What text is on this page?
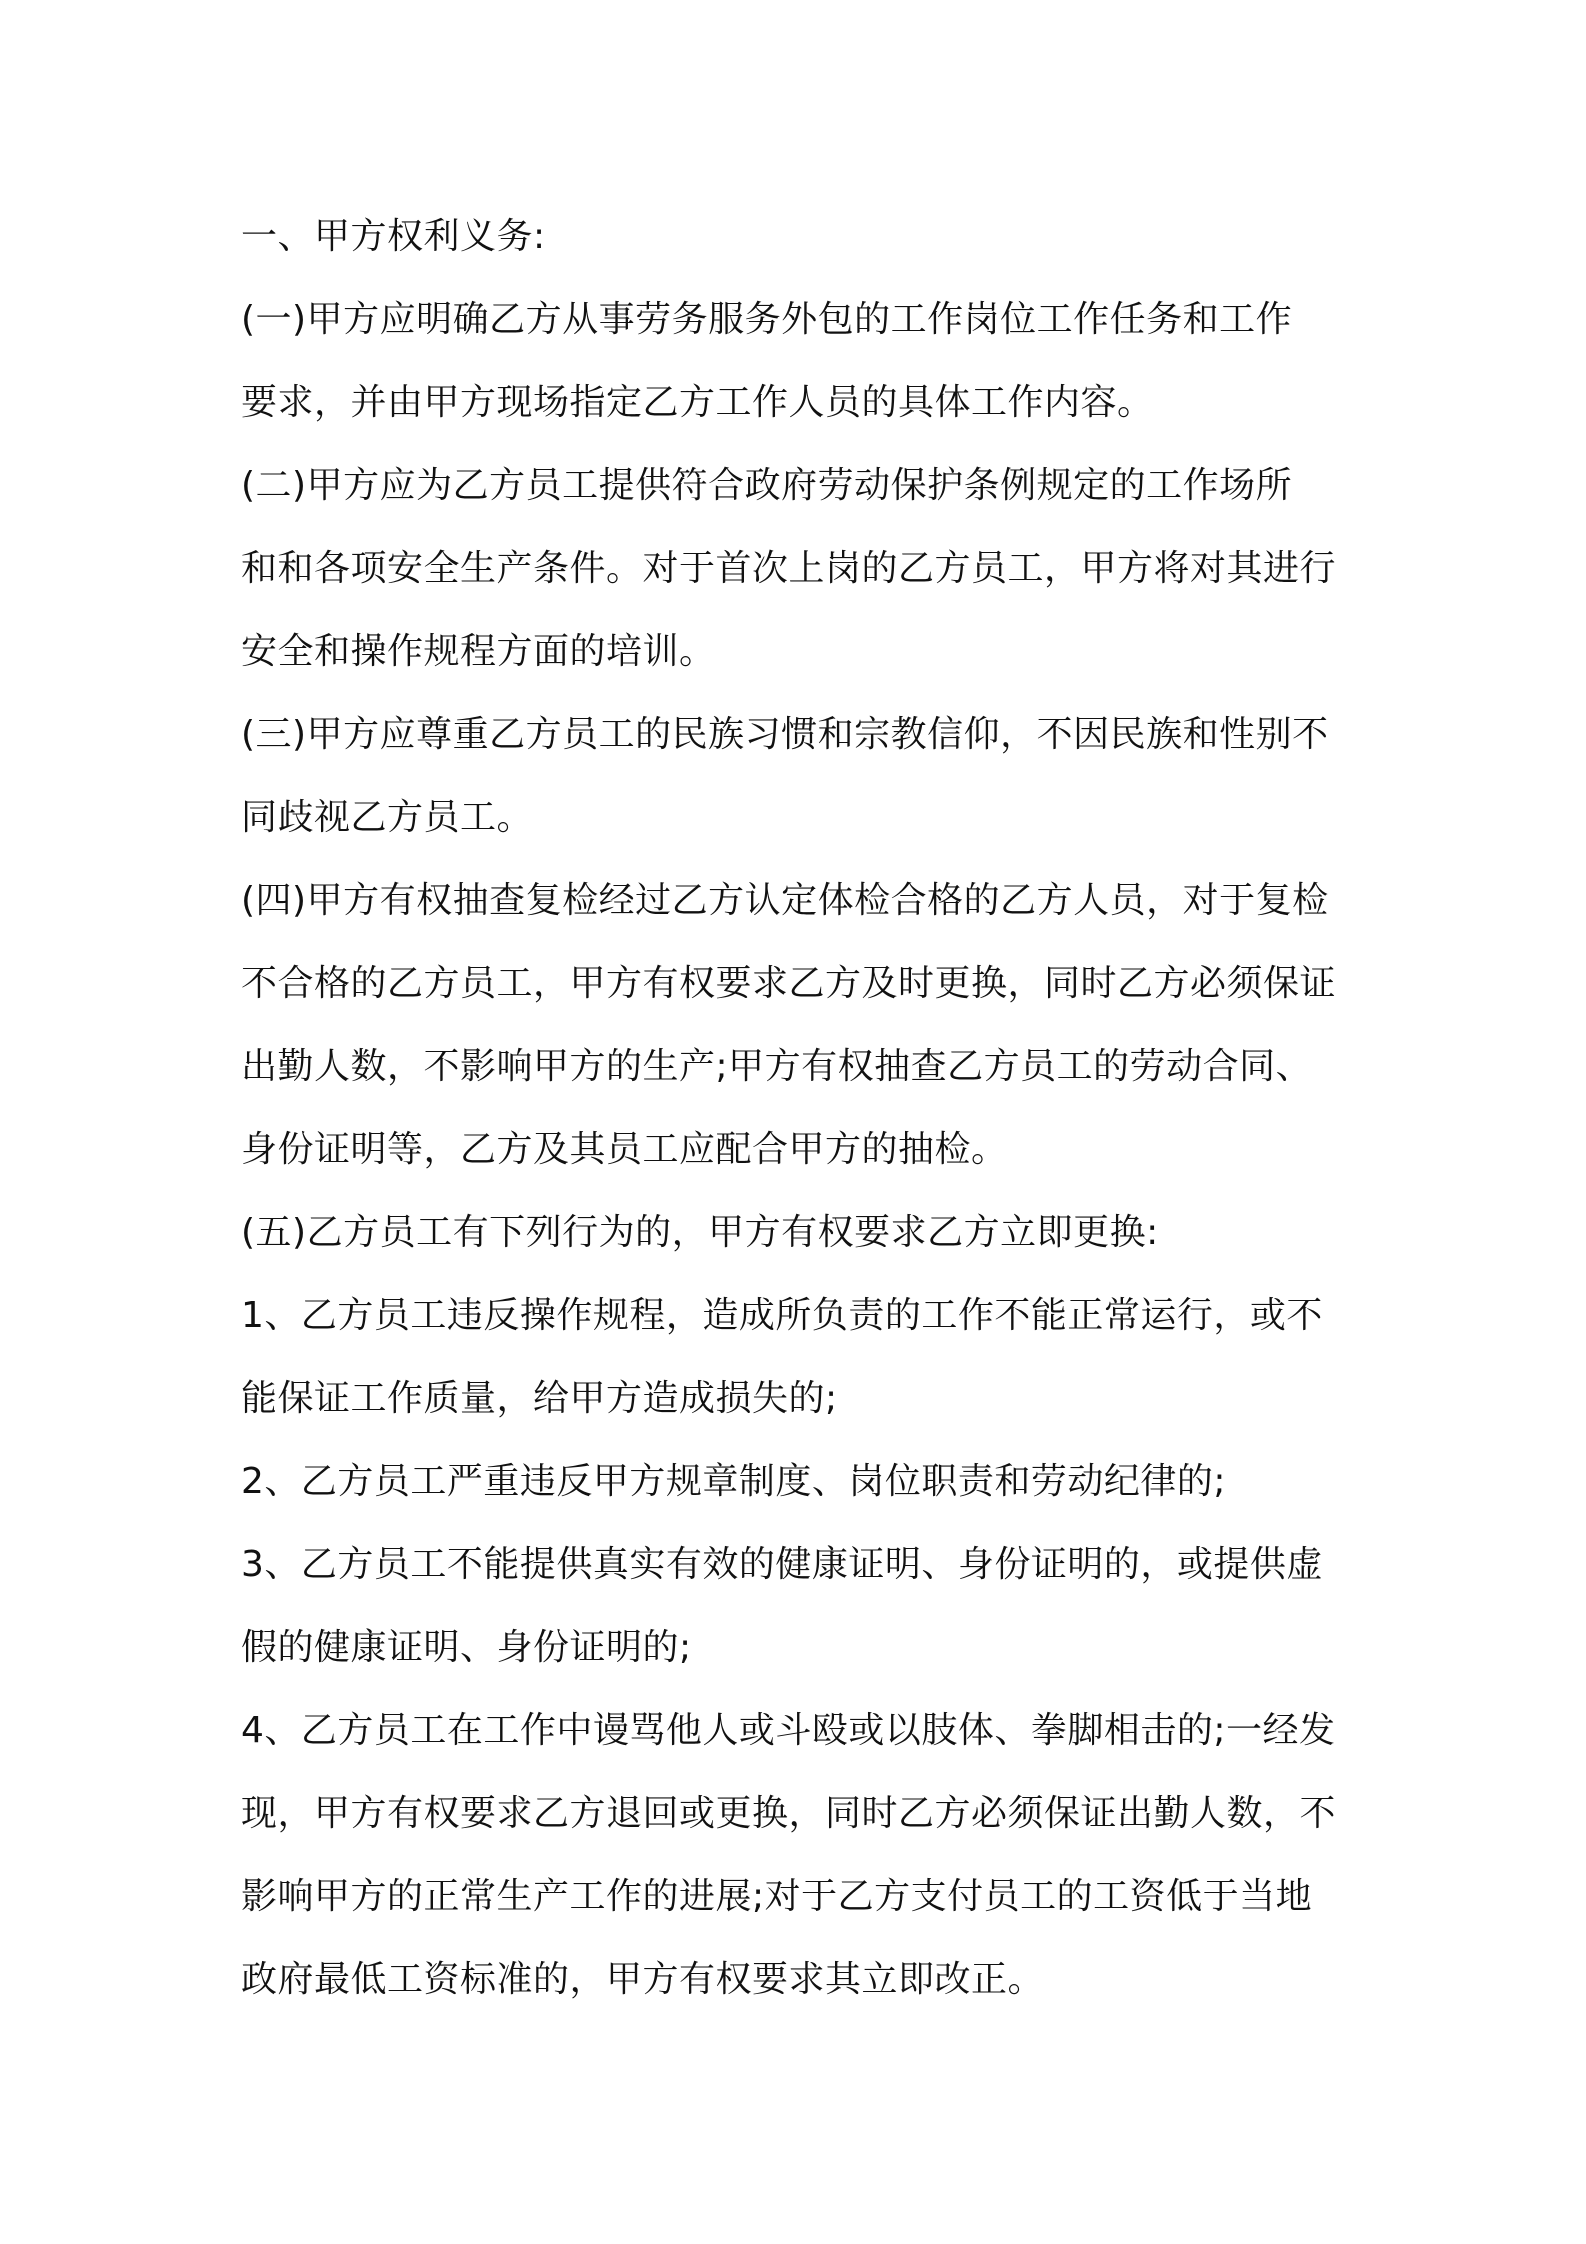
一、甲方权利义务:
(一)甲方应明确乙方从事劳务服务外包的工作岗位工作任务和工作
要求，并由甲方现场指定乙方工作人员的具体工作内容。
(二)甲方应为乙方员工提供符合政府劳动保护条例规定的工作场所
和和各项安全生产条件。对于首次上岗的乙方员工，甲方将对其进行
安全和操作规程方面的培训。
(三)甲方应尊重乙方员工的民族习惯和宗教信仰，不因民族和性别不
同歧视乙方员工。
(四)甲方有权抽查复检经过乙方认定体检合格的乙方人员，对于复检
不合格的乙方员工，甲方有权要求乙方及时更换，同时乙方必须保证
出勤人数，不影响甲方的生产;甲方有权抽查乙方员工的劳动合同、
身份证明等，乙方及其员工应配合甲方的抽检。
(五)乙方员工有下列行为的，甲方有权要求乙方立即更换:
1、乙方员工违反操作规程，造成所负责的工作不能正常运行，或不
能保证工作质量，给甲方造成损失的;
2、乙方员工严重违反甲方规章制度、岗位职责和劳动纪律的;
3、乙方员工不能提供真实有效的健康证明、身份证明的，或提供虚
假的健康证明、身份证明的;
4、乙方员工在工作中谩骂他人或斗殴或以肢体、拳脚相击的;一经发
现，甲方有权要求乙方退回或更换，同时乙方必须保证出勤人数，不
影响甲方的正常生产工作的进展;对于乙方支付员工的工资低于当地
政府最低工资标准的，甲方有权要求其立即改正。
